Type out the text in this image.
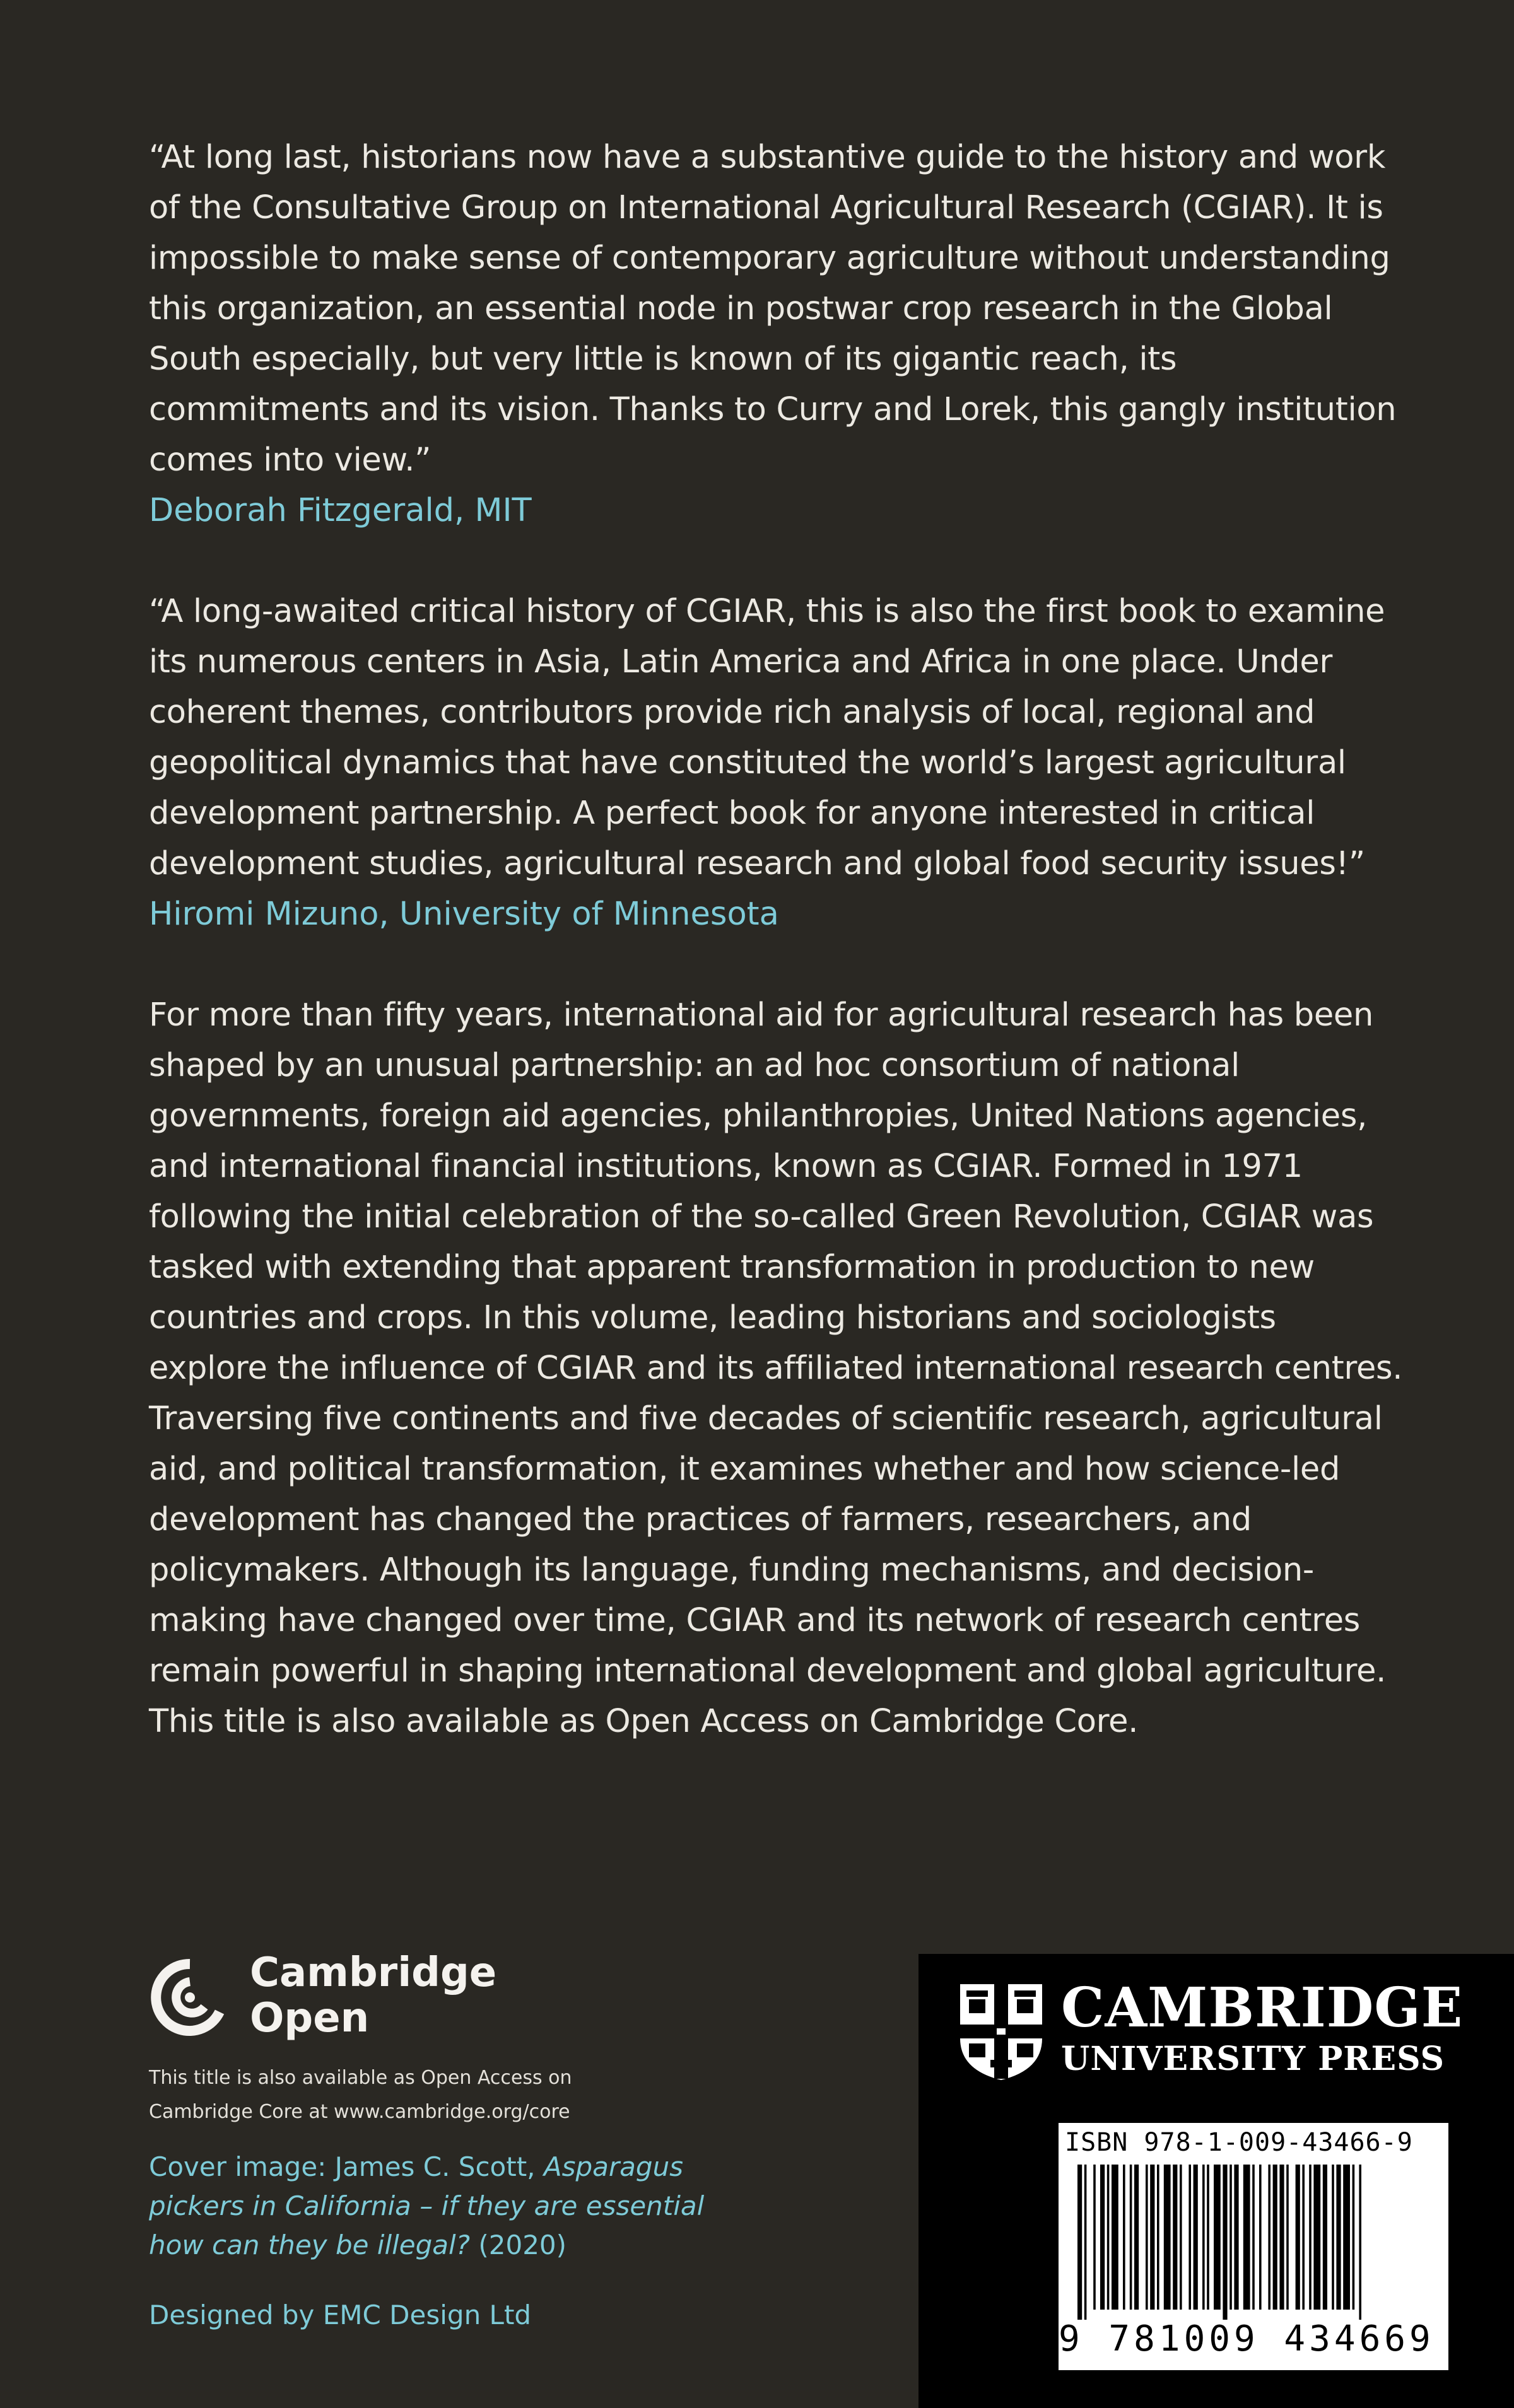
“At long last, historians now have a substantive guide to the history and work of the Consultative Group on International Agricultural Research (CGIAR). It is impossible to make sense of contemporary agriculture without understanding this organization, an essential node in postwar crop research in the Global South especially, but very little is known of its gigantic reach, its commitments and its vision. Thanks to Curry and Lorek, this gangly institution comes into view.”

Deborah Fitzgerald, MIT

“A long-awaited critical history of CGIAR, this is also the first book to examine its numerous centers in Asia, Latin America and Africa in one place. Under coherent themes, contributors provide rich analysis of local, regional and geopolitical dynamics that have constituted the world’s largest agricultural development partnership. A perfect book for anyone interested in critical development studies, agricultural research and global food security issues!”

Hiromi Mizuno, University of Minnesota

For more than fifty years, international aid for agricultural research has been shaped by an unusual partnership: an ad hoc consortium of national governments, foreign aid agencies, philanthropies, United Nations agencies, and international financial institutions, known as CGIAR. Formed in 1971 following the initial celebration of the so-called Green Revolution, CGIAR was tasked with extending that apparent transformation in production to new countries and crops. In this volume, leading historians and sociologists explore the influence of CGIAR and its affiliated international research centres. Traversing five continents and five decades of scientific research, agricultural aid, and political transformation, it examines whether and how science-led development has changed the practices of farmers, researchers, and policymakers. Although its language, funding mechanisms, and decision-making have changed over time, CGIAR and its network of research centres remain powerful in shaping international development and global agriculture. This title is also available as Open Access on Cambridge Core.

Cambridge
Open
This title is also available as Open Access on
Cambridge Core at www.cambridge.org/core
Cover image: James C. Scott, Asparagus pickers in California – if they are essential how can they be illegal? (2020)
Designed by EMC Design Ltd
CAMBRIDGE
UNIVERSITY PRESS
ISBN 978-1-009-43466-9
9 781009 434669 >
